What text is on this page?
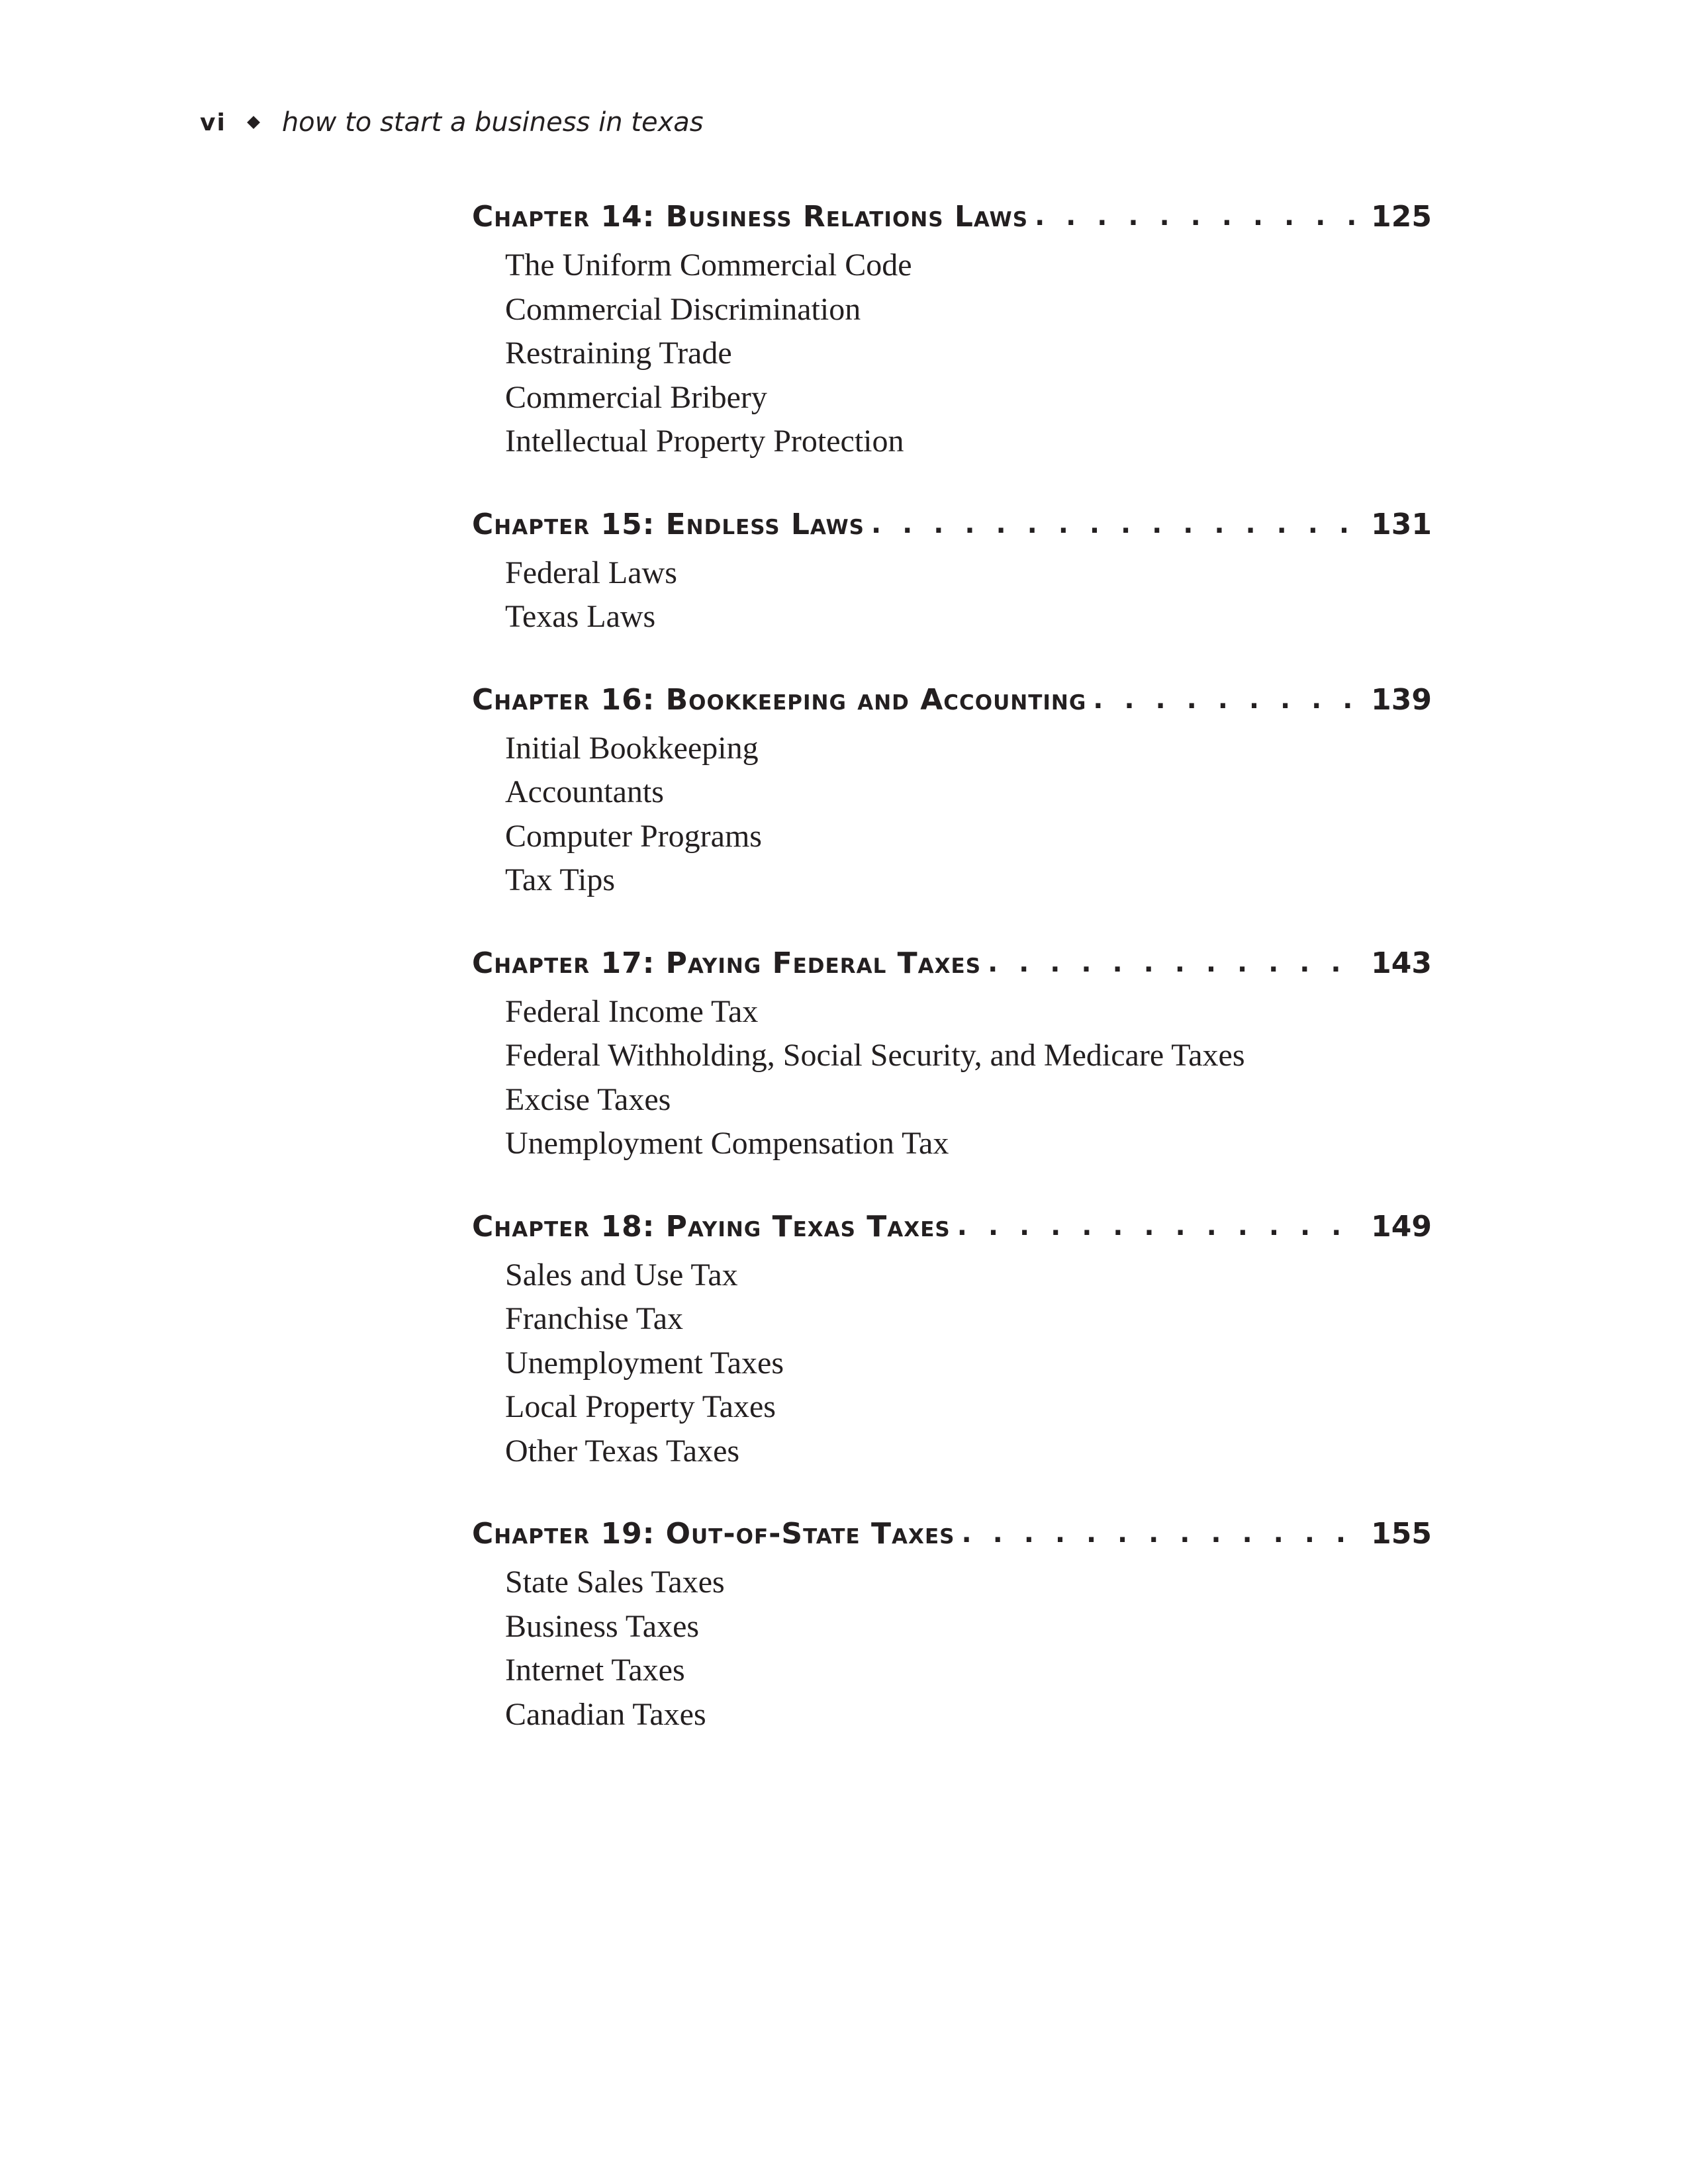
vi how to start a business in texas
Chapter 14: Business Relations Laws . . .	125
The Uniform Commercial Code
Commercial Discrimination
Restraining Trade
Commercial Bribery
Intellectual Property Protection
Chapter 15: Endless Laws . . .	131
Federal Laws
Texas Laws
Chapter 16: Bookkeeping and Accounting . . .	139
Initial Bookkeeping
Accountants
Computer Programs
Tax Tips
Chapter 17: Paying Federal Taxes . . .	143
Federal Income Tax
Federal Withholding, Social Security, and Medicare Taxes
Excise Taxes
Unemployment Compensation Tax
Chapter 18: Paying Texas Taxes . . .	149
Sales and Use Tax
Franchise Tax
Unemployment Taxes
Local Property Taxes
Other Texas Taxes
Chapter 19: Out-of-State Taxes . . .	155
State Sales Taxes
Business Taxes
Internet Taxes
Canadian Taxes
